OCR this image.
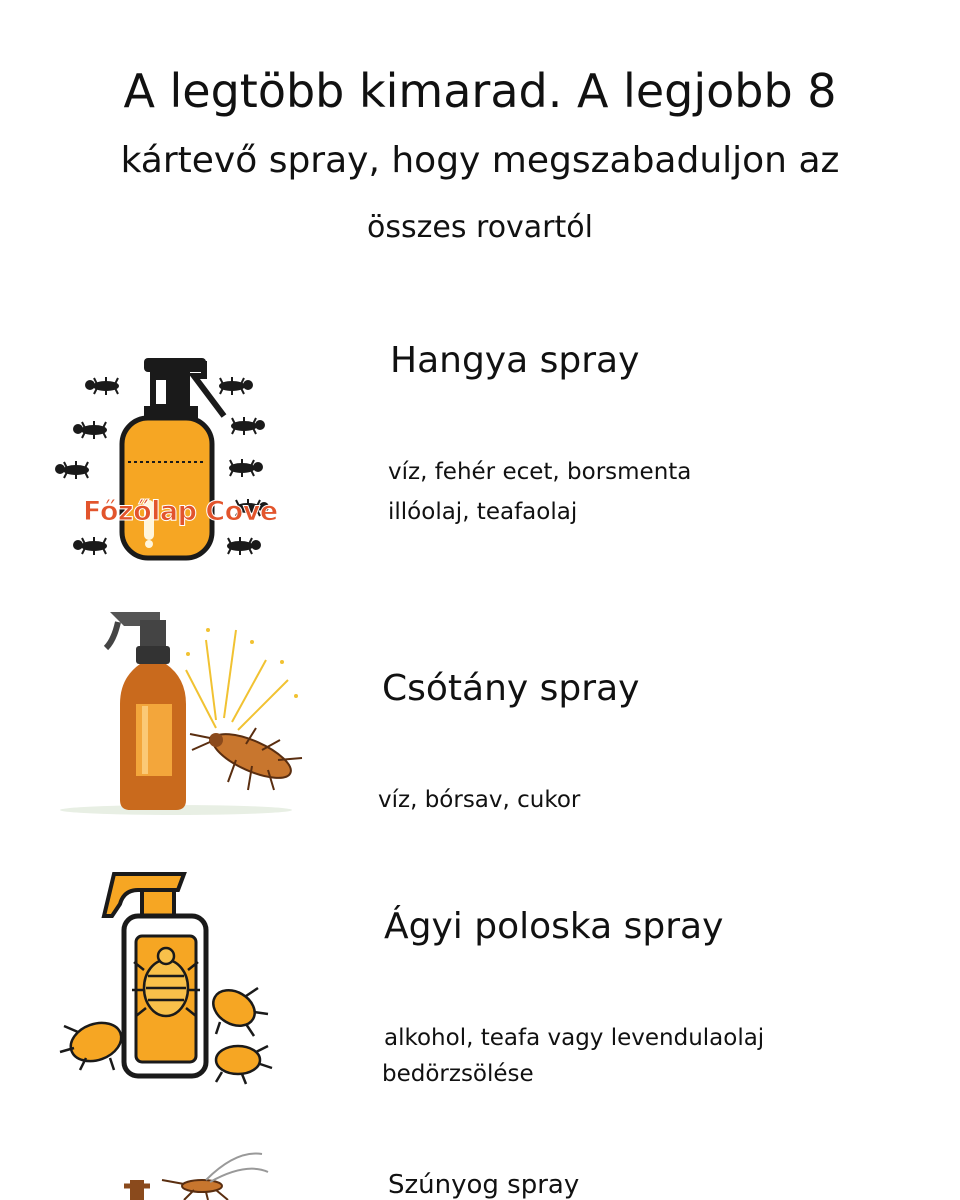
A legtöbb kimarad. A legjobb 8
kártevő spray, hogy megszabaduljon az
összes rovartól
Főzőlap Cove
Hangya spray
víz, fehér ecet, borsmenta
illóolaj, teafaolaj
Csótány spray
víz, bórsav, cukor
Ágyi poloska spray
alkohol, teafa vagy levendulaolaj
bedörzsölése
Szúnyog spray
